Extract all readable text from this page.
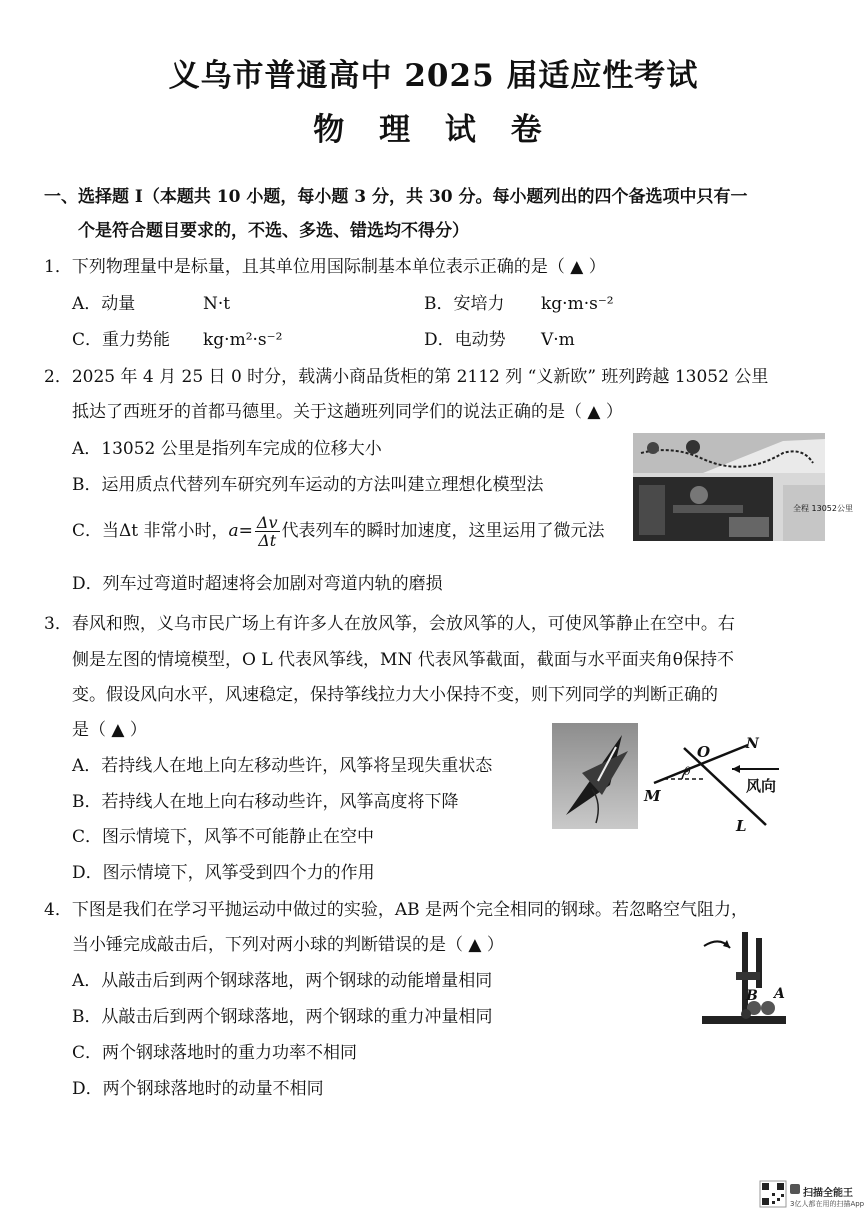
义乌市普通高中 2025 届适应性考试
物 理 试 卷
一、选择题 I（本题共 10 小题，每小题 3 分，共 30 分。每小题列出的四个备选项中只有一
个是符合题目要求的，不选、多选、错选均不得分）
1．下列物理量中是标量，且其单位用国际制基本单位表示正确的是（ ▲ ）
A．动量	N·t	B．安培力 kg·m·s⁻²
C．重力势能 kg·m²·s⁻²	D．电动势 V·m
2．2025 年 4 月 25 日 0 时分，载满小商品货柜的第 2112 列 “义新欧” 班列跨越 13052 公里
抵达了西班牙的首都马德里。关于这趟班列同学们的说法正确的是（ ▲ ）
A．13052 公里是指列车完成的位移大小
B．运用质点代替列车研究列车运动的方法叫建立理想化模型法
C．当Δt 非常小时，$a= \frac{\Delta v}{\Delta t}$ 代表列车的瞬时加速度，这里运用了微元法
D．列车过弯道时超速将会加剧对弯道内轨的磨损
全程 13052公里
3．春风和煦，义乌市民广场上有许多人在放风筝，会放风筝的人，可使风筝静止在空中。右
侧是左图的情境模型，O L 代表风筝线，MN 代表风筝截面，截面与水平面夹角θ保持不
变。假设风向水平，风速稳定，保持筝线拉力大小保持不变，则下列同学的判断正确的
是（ ▲ ）
A．若持线人在地上向左移动些许，风筝将呈现失重状态
B．若持线人在地上向右移动些许，风筝高度将下降
C．图示情境下，风筝不可能静止在空中
D．图示情境下，风筝受到四个力的作用
O	N
M
L
θ
风向
4．下图是我们在学习平抛运动中做过的实验，AB 是两个完全相同的钢球。若忽略空气阻力，
当小锤完成敲击后，下列对两小球的判断错误的是（ ▲ ）
A．从敲击后到两个钢球落地，两个钢球的动能增量相同
B．从敲击后到两个钢球落地，两个钢球的重力冲量相同
C．两个钢球落地时的重力功率不相同
D．两个钢球落地时的动量不相同
B A
扫描全能王
3亿人都在用的扫描App
